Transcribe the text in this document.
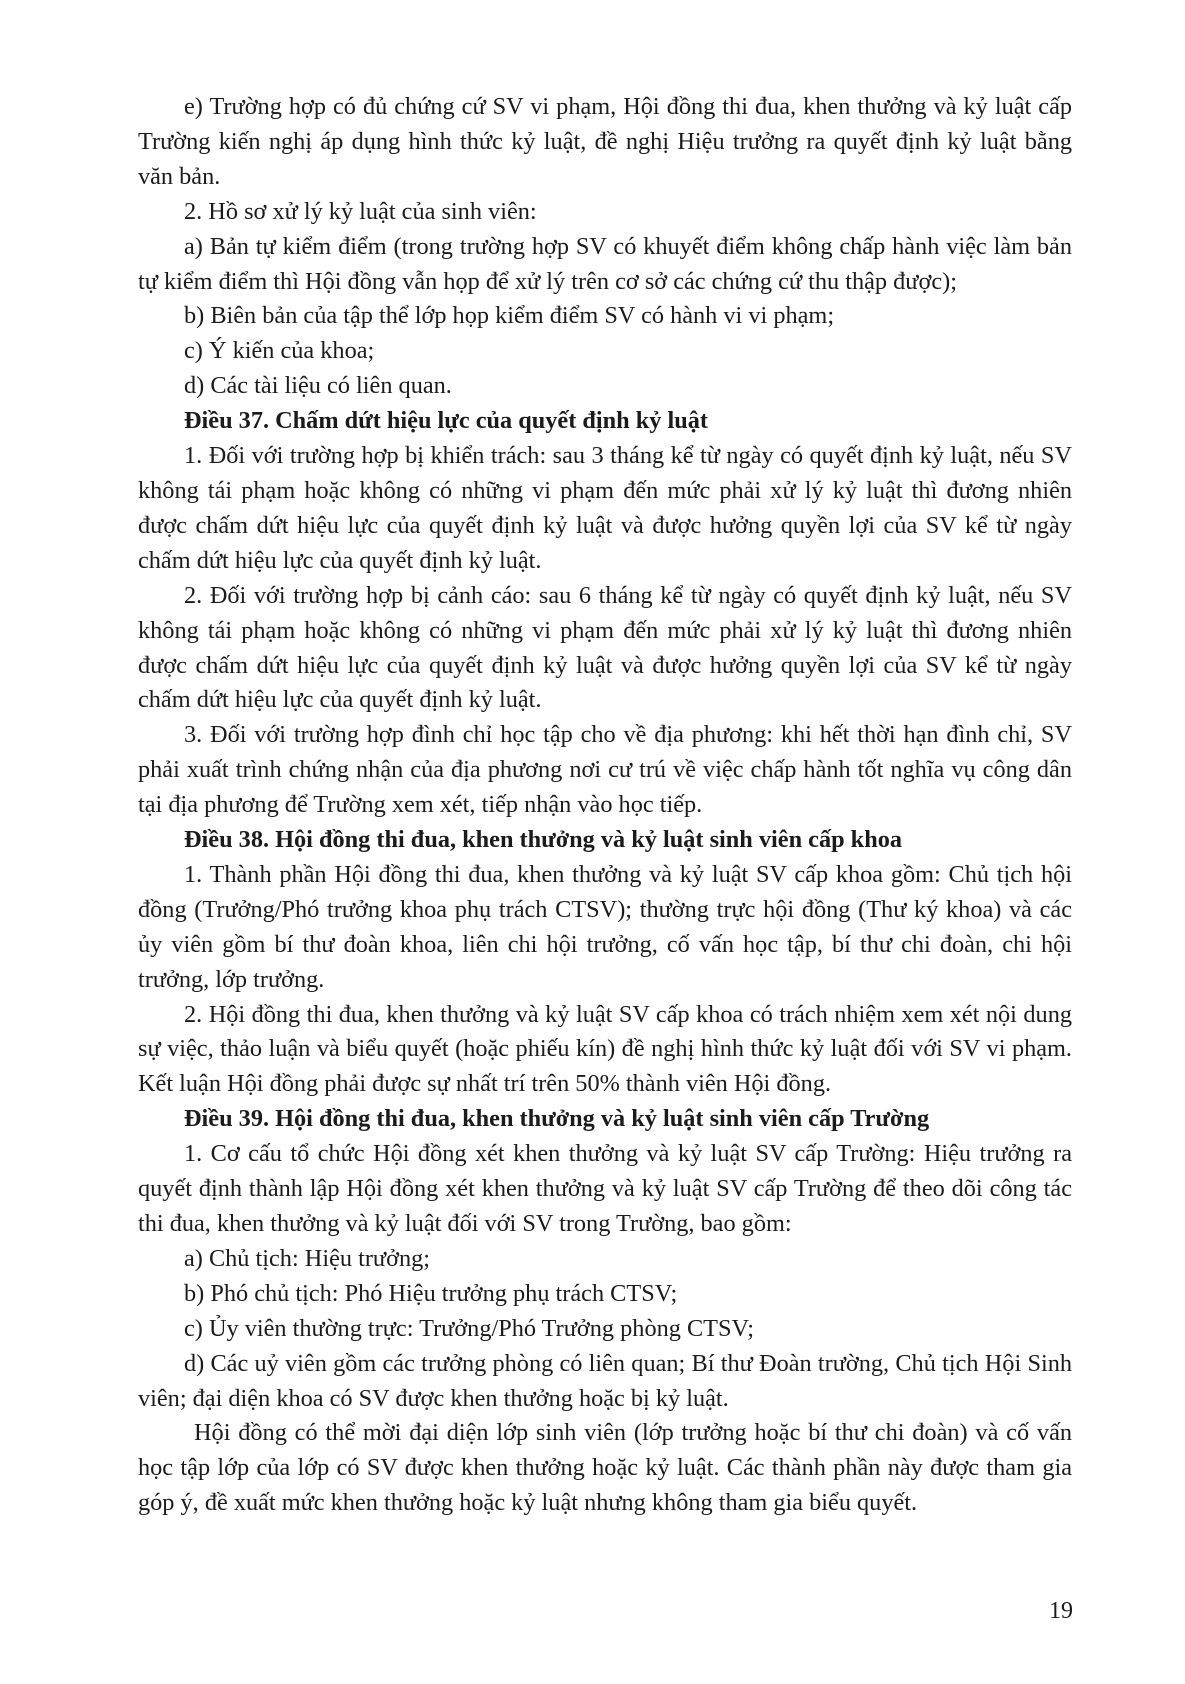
e) Trường hợp có đủ chứng cứ SV vi phạm, Hội đồng thi đua, khen thưởng và kỷ luật cấp Trường kiến nghị áp dụng hình thức kỷ luật, đề nghị Hiệu trưởng ra quyết định kỷ luật bằng văn bản.

2. Hồ sơ xử lý kỷ luật của sinh viên:

a) Bản tự kiểm điểm (trong trường hợp SV có khuyết điểm không chấp hành việc làm bản tự kiểm điểm thì Hội đồng vẫn họp để xử lý trên cơ sở các chứng cứ thu thập được);

b) Biên bản của tập thể lớp họp kiểm điểm SV có hành vi vi phạm;

c) Ý kiến của khoa;

d) Các tài liệu có liên quan.

Điều 37. Chấm dứt hiệu lực của quyết định kỷ luật

1. Đối với trường hợp bị khiển trách: sau 3 tháng kể từ ngày có quyết định kỷ luật, nếu SV không tái phạm hoặc không có những vi phạm đến mức phải xử lý kỷ luật thì đương nhiên được chấm dứt hiệu lực của quyết định kỷ luật và được hưởng quyền lợi của SV kể từ ngày chấm dứt hiệu lực của quyết định kỷ luật.

2. Đối với trường hợp bị cảnh cáo: sau 6 tháng kể từ ngày có quyết định kỷ luật, nếu SV không tái phạm hoặc không có những vi phạm đến mức phải xử lý kỷ luật thì đương nhiên được chấm dứt hiệu lực của quyết định kỷ luật và được hưởng quyền lợi của SV kể từ ngày chấm dứt hiệu lực của quyết định kỷ luật.

3. Đối với trường hợp đình chỉ học tập cho về địa phương: khi hết thời hạn đình chỉ, SV phải xuất trình chứng nhận của địa phương nơi cư trú về việc chấp hành tốt nghĩa vụ công dân tại địa phương để Trường xem xét, tiếp nhận vào học tiếp.

Điều 38. Hội đồng thi đua, khen thưởng và kỷ luật sinh viên cấp khoa

1. Thành phần Hội đồng thi đua, khen thưởng và kỷ luật SV cấp khoa gồm: Chủ tịch hội đồng (Trưởng/Phó trưởng khoa phụ trách CTSV); thường trực hội đồng (Thư ký khoa) và các ủy viên gồm bí thư đoàn khoa, liên chi hội trưởng, cố vấn học tập, bí thư chi đoàn, chi hội trưởng, lớp trưởng.

2. Hội đồng thi đua, khen thưởng và kỷ luật SV cấp khoa có trách nhiệm xem xét nội dung sự việc, thảo luận và biểu quyết (hoặc phiếu kín) đề nghị hình thức kỷ luật đối với SV vi phạm. Kết luận Hội đồng phải được sự nhất trí trên 50% thành viên Hội đồng.

Điều 39. Hội đồng thi đua, khen thưởng và kỷ luật sinh viên cấp Trường

1. Cơ cấu tổ chức Hội đồng xét khen thưởng và kỷ luật SV cấp Trường: Hiệu trưởng ra quyết định thành lập Hội đồng xét khen thưởng và kỷ luật SV cấp Trường để theo dõi công tác thi đua, khen thưởng và kỷ luật đối với SV trong Trường, bao gồm:

a) Chủ tịch: Hiệu trưởng;

b) Phó chủ tịch: Phó Hiệu trưởng phụ trách CTSV;

c) Ủy viên thường trực: Trưởng/Phó Trưởng phòng CTSV;

d) Các uỷ viên gồm các trưởng phòng có liên quan; Bí thư Đoàn trường, Chủ tịch Hội Sinh viên; đại diện khoa có SV được khen thưởng hoặc bị kỷ luật.

Hội đồng có thể mời đại diện lớp sinh viên (lớp trưởng hoặc bí thư chi đoàn) và cố vấn học tập lớp của lớp có SV được khen thưởng hoặc kỷ luật. Các thành phần này được tham gia góp ý, đề xuất mức khen thưởng hoặc kỷ luật nhưng không tham gia biểu quyết.

19
